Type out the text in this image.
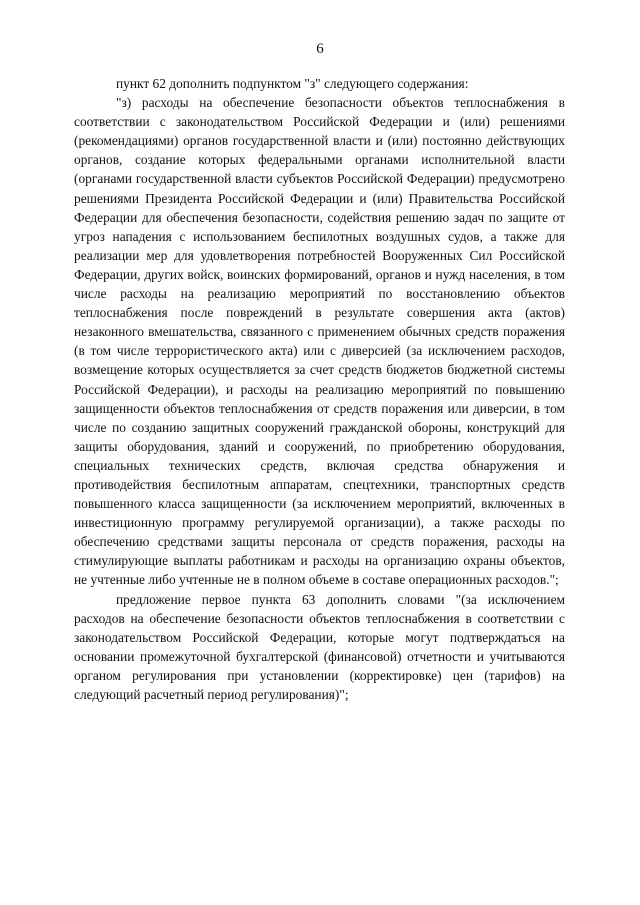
6

пункт 62 дополнить подпунктом "з" следующего содержания:

"з) расходы на обеспечение безопасности объектов теплоснабжения в соответствии с законодательством Российской Федерации и (или) решениями (рекомендациями) органов государственной власти и (или) постоянно действующих органов, создание которых федеральными органами исполнительной власти (органами государственной власти субъектов Российской Федерации) предусмотрено решениями Президента Российской Федерации и (или) Правительства Российской Федерации для обеспечения безопасности, содействия решению задач по защите от угроз нападения с использованием беспилотных воздушных судов, а также для реализации мер для удовлетворения потребностей Вооруженных Сил Российской Федерации, других войск, воинских формирований, органов и нужд населения, в том числе расходы на реализацию мероприятий по восстановлению объектов теплоснабжения после повреждений в результате совершения акта (актов) незаконного вмешательства, связанного с применением обычных средств поражения (в том числе террористического акта) или с диверсией (за исключением расходов, возмещение которых осуществляется за счет средств бюджетов бюджетной системы Российской Федерации), и расходы на реализацию мероприятий по повышению защищенности объектов теплоснабжения от средств поражения или диверсии, в том числе по созданию защитных сооружений гражданской обороны, конструкций для защиты оборудования, зданий и сооружений, по приобретению оборудования, специальных технических средств, включая средства обнаружения и противодействия беспилотным аппаратам, спецтехники, транспортных средств повышенного класса защищенности (за исключением мероприятий, включенных в инвестиционную программу регулируемой организации), а также расходы по обеспечению средствами защиты персонала от средств поражения, расходы на стимулирующие выплаты работникам и расходы на организацию охраны объектов, не учтенные либо учтенные не в полном объеме в составе операционных расходов.";

предложение первое пункта 63 дополнить словами "(за исключением расходов на обеспечение безопасности объектов теплоснабжения в соответствии с законодательством Российской Федерации, которые могут подтверждаться на основании промежуточной бухгалтерской (финансовой) отчетности и учитываются органом регулирования при установлении (корректировке) цен (тарифов) на следующий расчетный период регулирования)";
